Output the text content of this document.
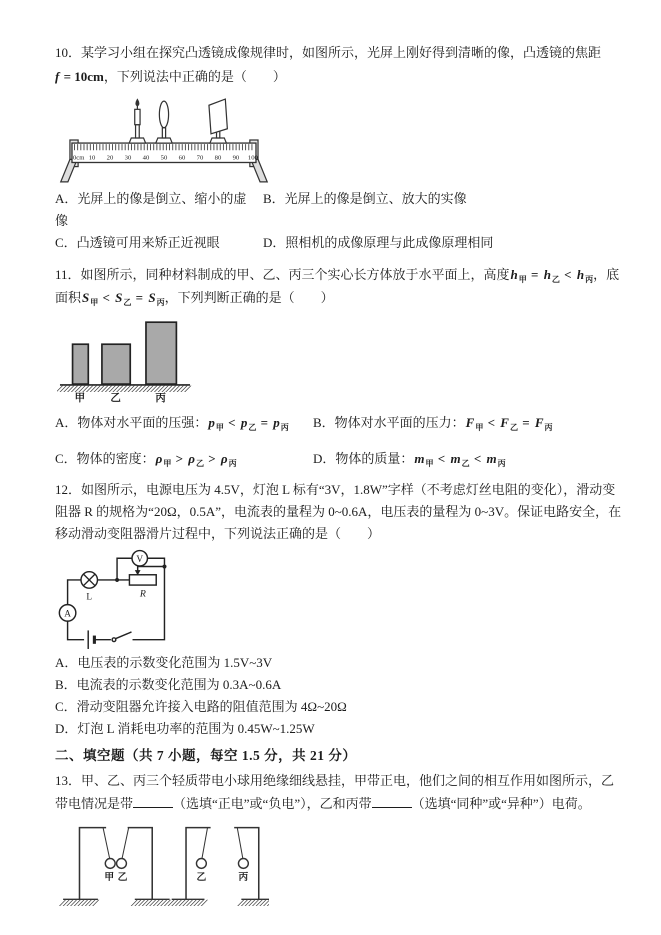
10．某学习小组在探究凸透镜成像规律时，如图所示，光屏上刚好得到清晰的像，凸透镜的焦距

f = 10cm，下列说法中正确的是（　　）

0cm 10 20 30 40 50 60 70 80 90 100
A．光屏上的像是倒立、缩小的虚像
B．光屏上的像是倒立、放大的实像
C．凸透镜可用来矫正近视眼	D．照相机的成像原理与此成像原理相同

11．如图所示，同种材料制成的甲、乙、丙三个实心长方体放于水平面上，高度$h_甲 = h_乙 < h_丙$，底面积$S_甲 < S_乙 = S_丙$，下列判断正确的是（　　）

甲	乙	丙
A．物体对水平面的压强：$p_甲 < p_乙 = p_丙$	B．物体对水平面的压力：$F_甲 < F_乙 = F_丙$
C．物体的密度：$\rho_甲 > \rho_乙 > \rho_丙$	D．物体的质量：$m_甲 < m_乙 < m_丙$

12．如图所示，电源电压为 4.5V，灯泡 L 标有“3V，1.8W”字样（不考虑灯丝电阻的变化），滑动变阻器 R 的规格为“20Ω，0.5A”，电流表的量程为 0~0.6A，电压表的量程为 0~3V。保证电路安全，在移动滑动变阻器滑片过程中，下列说法正确的是（　　）

V
L	R
A
A．电压表的示数变化范围为 1.5V~3V
B．电流表的示数变化范围为 0.3A~0.6A
C．滑动变阻器允许接入电路的阻值范围为 4Ω~20Ω
D．灯泡 L 消耗电功率的范围为 0.45W~1.25W
二、填空题（共 7 小题，每空 1.5 分，共 21 分）

13．甲、乙、丙三个轻质带电小球用绝缘细线悬挂，甲带正电，他们之间的相互作用如图所示，乙带电情况是带	（选填“正电”或“负电”），乙和丙带	（选填“同种”或“异种”）电荷。

甲 乙	乙	丙
